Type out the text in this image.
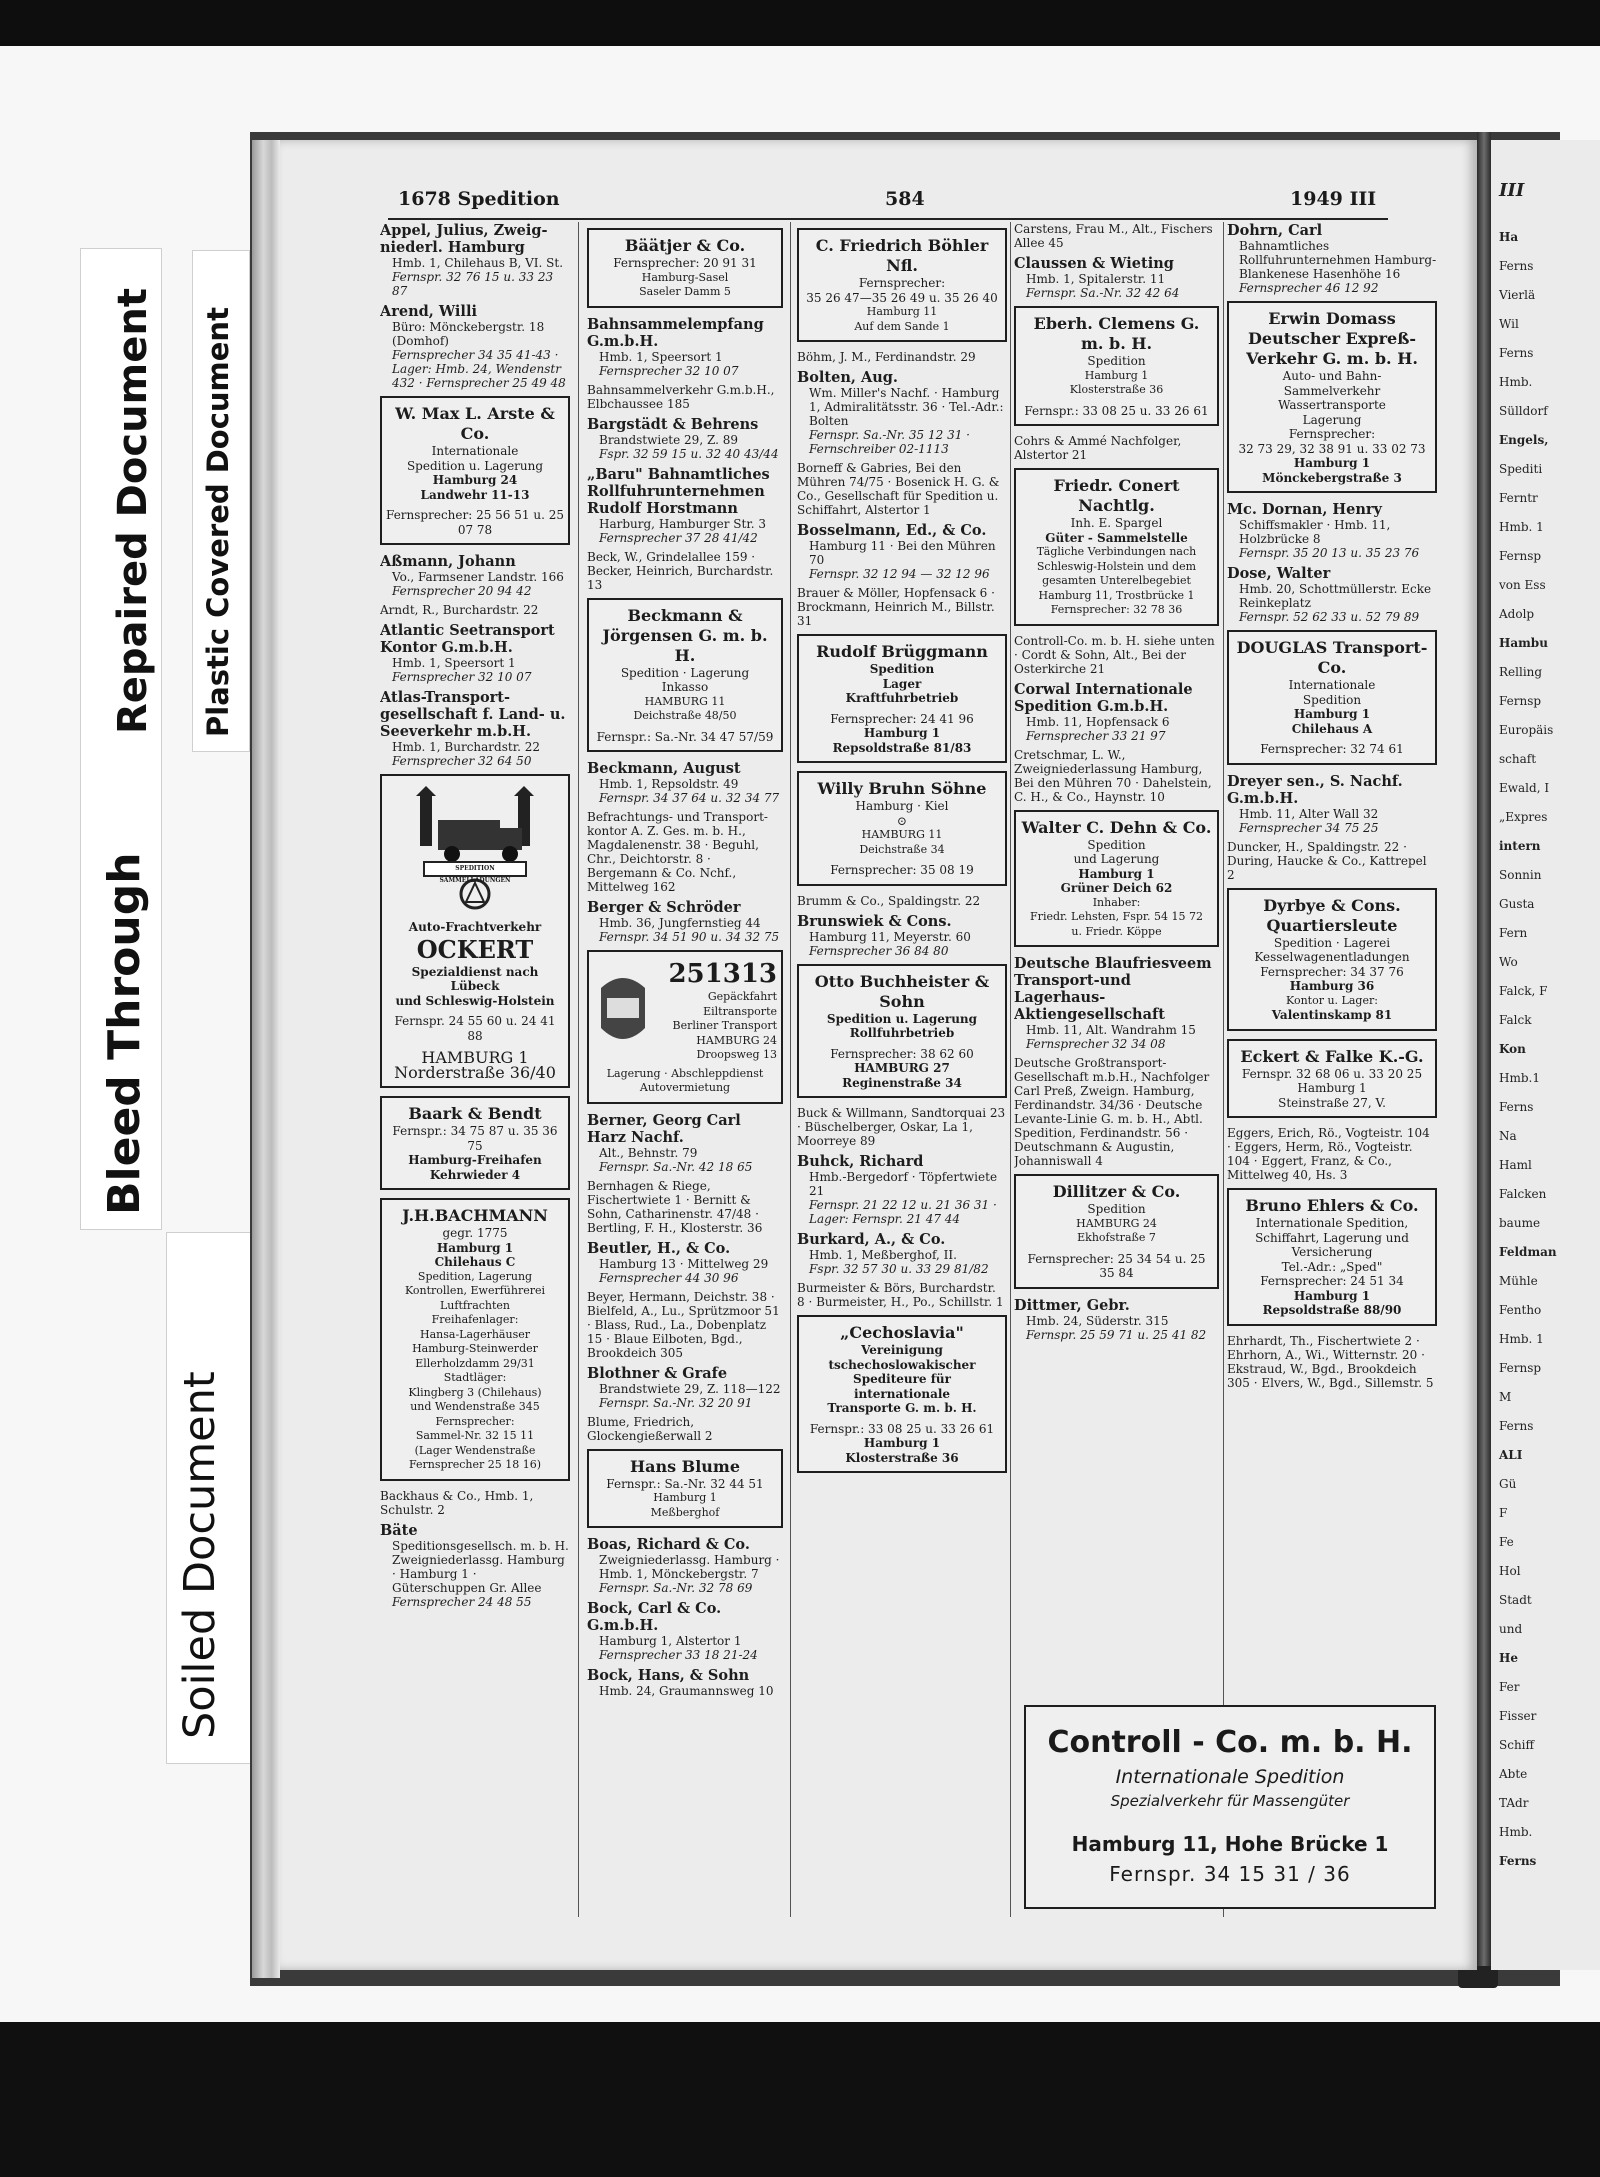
Bleed Through
Repaired Document Plastic Covered Document
Soiled Document
1678 Spedition	584	1949 III
Appel, Julius, Zweig-niederl. Hamburg
Hmb. 1, Chilehaus B, VI. St.
Fernspr. 32 76 15 u. 33 23 87
Arend, Willi
Büro: Mönckebergstr. 18 (Domhof)
Fernsprecher 34 35 41-43 · Lager: Hmb. 24, Wendenstr 432 · Fernsprecher 25 49 48
W. Max L. Arste & Co.
Internationale
Spedition u. Lagerung
Hamburg 24
Landwehr 11-13
Fernsprecher: 25 56 51 u. 25 07 78
Aßmann, Johann
Vo., Farmsener Landstr. 166
Fernsprecher 20 94 42
Arndt, R., Burchardstr. 22
Atlantic Seetransport Kontor G.m.b.H.
Hmb. 1, Speersort 1
Fernsprecher 32 10 07
Atlas-Transport-gesellschaft f. Land- u. Seeverkehr m.b.H.
Hmb. 1, Burchardstr. 22
Fernsprecher 32 64 50
SPEDITION SAMMELLADUNGEN
Auto-Frachtverkehr
OCKERT
Spezialdienst nach Lübeck
und Schleswig-Holstein
Fernspr. 24 55 60 u. 24 41 88
HAMBURG 1
Norderstraße 36/40
Baark & Bendt
Fernspr.: 34 75 87 u. 35 36 75
Hamburg-Freihafen
Kehrwieder 4
J.H.BACHMANN
gegr. 1775
Hamburg 1
Chilehaus C
Spedition, Lagerung
Kontrollen, Ewerführerei
Luftfrachten
Freihafenlager:
Hansa-Lagerhäuser
Hamburg-Steinwerder
Ellerholzdamm 29/31
Stadtläger:
Klingberg 3 (Chilehaus)
und Wendenstraße 345
Fernsprecher:
Sammel-Nr. 32 15 11
(Lager Wendenstraße
Fernsprecher 25 18 16)
Backhaus & Co., Hmb. 1, Schulstr. 2
Bäte
Speditionsgesellsch. m. b. H. Zweigniederlassg. Hamburg · Hamburg 1 · Güterschuppen Gr. Allee
Fernsprecher 24 48 55
Bäätjer & Co.
Fernsprecher: 20 91 31
Hamburg-Sasel
Saseler Damm 5
Bahnsammelempfang G.m.b.H.
Hmb. 1, Speersort 1
Fernsprecher 32 10 07
Bahnsammelverkehr G.m.b.H., Elbchaussee 185
Bargstädt & Behrens
Brandstwiete 29, Z. 89
Fspr. 32 59 15 u. 32 40 43/44
„Baru" Bahnamtliches Rollfuhrunternehmen Rudolf Horstmann
Harburg, Hamburger Str. 3
Fernsprecher 37 28 41/42
Beck, W., Grindelallee 159 · Becker, Heinrich, Burchardstr. 13
Beckmann & Jörgensen G. m. b. H.
Spedition · Lagerung
Inkasso
HAMBURG 11
Deichstraße 48/50
Fernspr.: Sa.-Nr. 34 47 57/59
Beckmann, August
Hmb. 1, Repsoldstr. 49
Fernspr. 34 37 64 u. 32 34 77
Befrachtungs- und Transport-kontor A. Z. Ges. m. b. H., Magdalenenstr. 38 · Beguhl, Chr., Deichtorstr. 8 · Bergemann & Co. Nchf., Mittelweg 162
Berger & Schröder
Hmb. 36, Jungfernstieg 44
Fernspr. 34 51 90 u. 34 32 75
251313
Gepäckfahrt
Eiltransporte
Berliner Transport
HAMBURG 24
Droopsweg 13
Lagerung · Abschleppdienst Autovermietung
Berner, Georg Carl Harz Nachf.
Alt., Behnstr. 79
Fernspr. Sa.-Nr. 42 18 65
Bernhagen & Riege, Fischertwiete 1 · Bernitt & Sohn, Catharinenstr. 47/48 · Bertling, F. H., Klosterstr. 36
Beutler, H., & Co.
Hamburg 13 · Mittelweg 29
Fernsprecher 44 30 96
Beyer, Hermann, Deichstr. 38 · Bielfeld, A., Lu., Sprützmoor 51 · Blass, Rud., La., Dobenplatz 15 · Blaue Eilboten, Bgd., Brookdeich 305
Blothner & Grafe
Brandstwiete 29, Z. 118—122
Fernspr. Sa.-Nr. 32 20 91
Blume, Friedrich, Glockengießerwall 2
Hans Blume
Fernspr.: Sa.-Nr. 32 44 51
Hamburg 1
Meßberghof
Boas, Richard & Co.
Zweigniederlassg. Hamburg · Hmb. 1, Mönckebergstr. 7
Fernspr. Sa.-Nr. 32 78 69
Bock, Carl & Co. G.m.b.H.
Hamburg 1, Alstertor 1
Fernsprecher 33 18 21-24
Bock, Hans, & Sohn
Hmb. 24, Graumannsweg 10
C. Friedrich Böhler Nfl.
Fernsprecher:
35 26 47—35 26 49 u. 35 26 40
Hamburg 11
Auf dem Sande 1
Böhm, J. M., Ferdinandstr. 29
Bolten, Aug.
Wm. Miller's Nachf. · Hamburg 1, Admiralitätsstr. 36 · Tel.-Adr.: Bolten
Fernspr. Sa.-Nr. 35 12 31 · Fernschreiber 02-1113
Borneff & Gabries, Bei den Mühren 74/75 · Bosenick H. G. & Co., Gesellschaft für Spedition u. Schiffahrt, Alstertor 1
Bosselmann, Ed., & Co.
Hamburg 11 · Bei den Mühren 70
Fernspr. 32 12 94 — 32 12 96
Brauer & Möller, Hopfensack 6 · Brockmann, Heinrich M., Billstr. 31
Rudolf Brüggmann
Spedition
Lager
Kraftfuhrbetrieb
Fernsprecher: 24 41 96
Hamburg 1
Repsoldstraße 81/83
Willy Bruhn Söhne
Hamburg · Kiel
⊙
HAMBURG 11
Deichstraße 34
Fernsprecher: 35 08 19
Brumm & Co., Spaldingstr. 22
Brunswiek & Cons.
Hamburg 11, Meyerstr. 60
Fernsprecher 36 84 80
Otto Buchheister & Sohn
Spedition u. Lagerung
Rollfuhrbetrieb
Fernsprecher: 38 62 60
HAMBURG 27
Reginenstraße 34
Buck & Willmann, Sandtorquai 23 · Büschelberger, Oskar, La 1, Moorreye 89
Buhck, Richard
Hmb.-Bergedorf · Töpfertwiete 21
Fernspr. 21 22 12 u. 21 36 31 · Lager: Fernspr. 21 47 44
Burkard, A., & Co.
Hmb. 1, Meßberghof, II.
Fspr. 32 57 30 u. 33 29 81/82
Burmeister & Börs, Burchardstr. 8 · Burmeister, H., Po., Schillstr. 1
„Cechoslavia"
Vereinigung
tschechoslowakischer
Spediteure für internationale
Transporte G. m. b. H.
Fernspr.: 33 08 25 u. 33 26 61
Hamburg 1
Klosterstraße 36
Carstens, Frau M., Alt., Fischers Allee 45
Claussen & Wieting
Hmb. 1, Spitalerstr. 11
Fernspr. Sa.-Nr. 32 42 64
Eberh. Clemens G. m. b. H.
Spedition
Hamburg 1
Klosterstraße 36
Fernspr.: 33 08 25 u. 33 26 61
Cohrs & Ammé Nachfolger, Alstertor 21
Friedr. Conert Nachtlg.
Inh. E. Spargel
Güter - Sammelstelle
Tägliche Verbindungen nach Schleswig-Holstein und dem gesamten Unterelbegebiet
Hamburg 11, Trostbrücke 1
Fernsprecher: 32 78 36
Controll-Co. m. b. H. siehe unten · Cordt & Sohn, Alt., Bei der Osterkirche 21
Corwal Internationale Spedition G.m.b.H.
Hmb. 11, Hopfensack 6
Fernsprecher 33 21 97
Cretschmar, L. W., Zweigniederlassung Hamburg, Bei den Mühren 70 · Dahelstein, C. H., & Co., Haynstr. 10
Walter C. Dehn & Co.
Spedition
und Lagerung
Hamburg 1
Grüner Deich 62
Inhaber:
Friedr. Lehsten, Fspr. 54 15 72
u. Friedr. Köppe
Deutsche Blaufriesveem Transport-und Lagerhaus-Aktiengesellschaft
Hmb. 11, Alt. Wandrahm 15
Fernsprecher 32 34 08
Deutsche Großtransport-Gesellschaft m.b.H., Nachfolger Carl Preß, Zweign. Hamburg, Ferdinandstr. 34/36 · Deutsche Levante-Linie G. m. b. H., Abtl. Spedition, Ferdinandstr. 56 · Deutschmann & Augustin, Johanniswall 4
Dillitzer & Co.
Spedition
HAMBURG 24
Ekhofstraße 7
Fernsprecher: 25 34 54 u. 25 35 84
Dittmer, Gebr.
Hmb. 24, Süderstr. 315
Fernspr. 25 59 71 u. 25 41 82
Dohrn, Carl
Bahnamtliches Rollfuhrunternehmen Hamburg-Blankenese Hasenhöhe 16
Fernsprecher 46 12 92
Erwin Domass Deutscher Expreß-Verkehr G. m. b. H.
Auto- und Bahn-
Sammelverkehr
Wassertransporte
Lagerung
Fernsprecher:
32 73 29, 32 38 91 u. 33 02 73
Hamburg 1
Mönckebergstraße 3
Mc. Dornan, Henry
Schiffsmakler · Hmb. 11, Holzbrücke 8
Fernspr. 35 20 13 u. 35 23 76
Dose, Walter
Hmb. 20, Schottmüllerstr. Ecke Reinkeplatz
Fernspr. 52 62 33 u. 52 79 89
DOUGLAS Transport-Co.
Internationale
Spedition
Hamburg 1
Chilehaus A
Fernsprecher: 32 74 61
Dreyer sen., S. Nachf. G.m.b.H.
Hmb. 11, Alter Wall 32
Fernsprecher 34 75 25
Duncker, H., Spaldingstr. 22 · During, Haucke & Co., Kattrepel 2
Dyrbye & Cons. Quartiersleute
Spedition · Lagerei
Kesselwagenentladungen
Fernsprecher: 34 37 76
Hamburg 36
Kontor u. Lager:
Valentinskamp 81
Eckert & Falke K.-G.
Fernspr. 32 68 06 u. 33 20 25
Hamburg 1
Steinstraße 27, V.
Eggers, Erich, Rö., Vogteistr. 104 · Eggers, Herm, Rö., Vogteistr. 104 · Eggert, Franz, & Co., Mittelweg 40, Hs. 3
Bruno Ehlers & Co.
Internationale Spedition, Schiffahrt, Lagerung und Versicherung
Tel.-Adr.: „Sped"
Fernsprecher: 24 51 34
Hamburg 1
Repsoldstraße 88/90
Ehrhardt, Th., Fischertwiete 2 · Ehrhorn, A., Wi., Witternstr. 20 · Ekstraud, W., Bgd., Brookdeich 305 · Elvers, W., Bgd., Sillemstr. 5
Controll - Co. m. b. H.
Internationale Spedition
Spezialverkehr für Massengüter
Hamburg 11, Hohe Brücke 1
Fernspr. 34 15 31 / 36
III
Ha
Ferns
Vierlä
Wil
Ferns
Hmb.
Sülldorf
Engels,
Spediti
Ferntr
Hmb. 1
Fernsp
von Ess
Adolp
Hambu
Relling
Fernsp
Europäis
schaft
Ewald, I
„Expres
intern
Sonnin
Gusta
Fern
Wo
Falck, F
Falck
Kon
Hmb.1
Ferns
Na
Haml
Falcken
baume
Feldman
Mühle
Fentho
Hmb. 1
Fernsp
M
Ferns
ALI
Gü
F
Fe
Hol
Stadt
und
He
Fer
Fisser
Schiff
Abte
TAdr
Hmb.
Ferns
